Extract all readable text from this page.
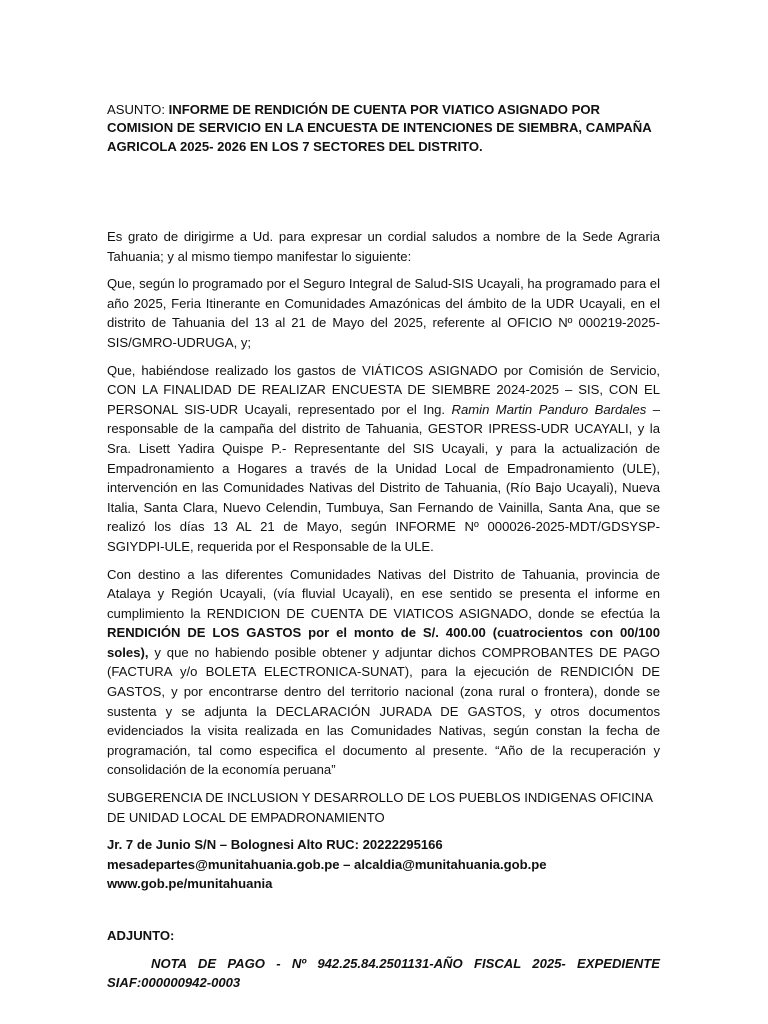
ASUNTO: INFORME DE RENDICIÓN DE CUENTA POR VIATICO ASIGNADO POR COMISION DE SERVICIO EN LA ENCUESTA DE INTENCIONES DE SIEMBRA, CAMPAÑA AGRICOLA 2025- 2026 EN LOS 7 SECTORES DEL DISTRITO.

Es grato de dirigirme a Ud. para expresar un cordial saludos a nombre de la Sede Agraria Tahuania; y al mismo tiempo manifestar lo siguiente:

Que, según lo programado por el Seguro Integral de Salud-SIS Ucayali, ha programado para el año 2025, Feria Itinerante en Comunidades Amazónicas del ámbito de la UDR Ucayali, en el distrito de Tahuania del 13 al 21 de Mayo del 2025, referente al OFICIO Nº 000219-2025-SIS/GMRO-UDRUGA, y;

Que, habiéndose realizado los gastos de VIÁTICOS ASIGNADO por Comisión de Servicio, CON LA FINALIDAD DE REALIZAR ENCUESTA DE SIEMBRE 2024-2025 – SIS, CON EL PERSONAL SIS-UDR Ucayali, representado por el Ing. Ramin Martin Panduro Bardales – responsable de la campaña del distrito de Tahuania, GESTOR IPRESS-UDR UCAYALI, y la Sra. Lisett Yadira Quispe P.- Representante del SIS Ucayali, y para la actualización de Empadronamiento a Hogares a través de la Unidad Local de Empadronamiento (ULE), intervención en las Comunidades Nativas del Distrito de Tahuania, (Río Bajo Ucayali), Nueva Italia, Santa Clara, Nuevo Celendin, Tumbuya, San Fernando de Vainilla, Santa Ana, que se realizó los días 13 AL 21 de Mayo, según INFORME Nº 000026-2025-MDT/GDSYSP-SGIYDPI-ULE, requerida por el Responsable de la ULE.

Con destino a las diferentes Comunidades Nativas del Distrito de Tahuania, provincia de Atalaya y Región Ucayali, (vía fluvial Ucayali), en ese sentido se presenta el informe en cumplimiento la RENDICION DE CUENTA DE VIATICOS ASIGNADO, donde se efectúa la RENDICIÓN DE LOS GASTOS por el monto de S/. 400.00 (cuatrocientos con 00/100 soles), y que no habiendo posible obtener y adjuntar dichos COMPROBANTES DE PAGO (FACTURA y/o BOLETA ELECTRONICA-SUNAT), para la ejecución de RENDICIÓN DE GASTOS, y por encontrarse dentro del territorio nacional (zona rural o frontera), donde se sustenta y se adjunta la DECLARACIÓN JURADA DE GASTOS, y otros documentos evidenciados la visita realizada en las Comunidades Nativas, según constan la fecha de programación, tal como especifica el documento al presente. “Año de la recuperación y consolidación de la economía peruana”

SUBGERENCIA DE INCLUSION Y DESARROLLO DE LOS PUEBLOS INDIGENAS OFICINA DE UNIDAD LOCAL DE EMPADRONAMIENTO

Jr. 7 de Junio S/N – Bolognesi Alto RUC: 20222295166 mesadepartes@munitahuania.gob.pe – alcaldia@munitahuania.gob.pe www.gob.pe/munitahuania

ADJUNTO:

NOTA DE PAGO - Nº 942.25.84.2501131-AÑO FISCAL 2025- EXPEDIENTE SIAF:000000942-0003
